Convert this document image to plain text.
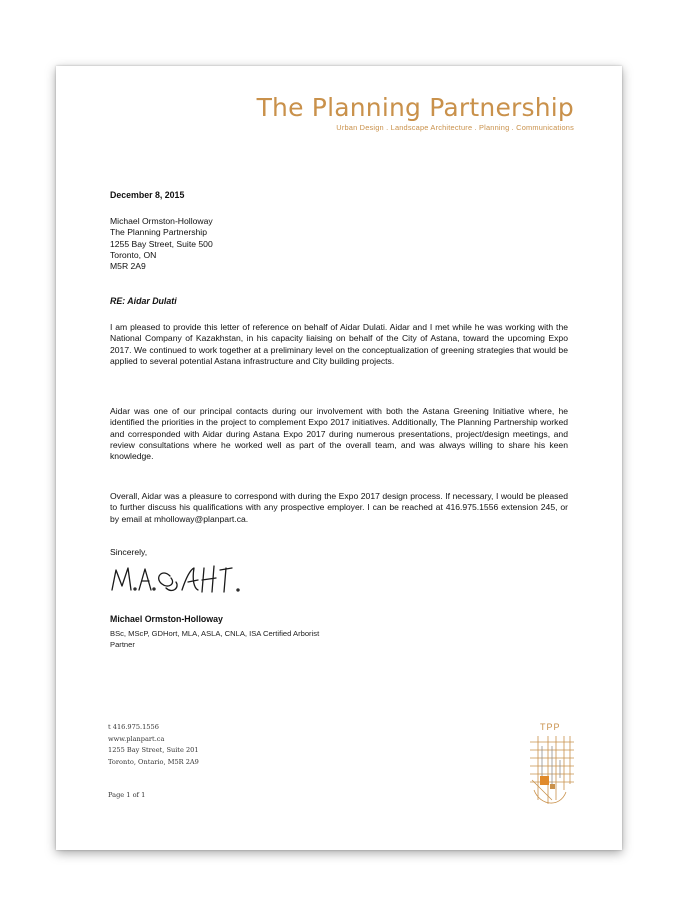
The Planning Partnership
Urban Design . Landscape Architecture . Planning . Communications
December 8, 2015
Michael Ormston-Holloway
The Planning Partnership
1255 Bay Street, Suite 500
Toronto, ON
M5R 2A9
RE: Aidar Dulati
I am pleased to provide this letter of reference on behalf of Aidar Dulati. Aidar and I met while he was working with the National Company of Kazakhstan, in his capacity liaising on behalf of the City of Astana, toward the upcoming Expo 2017. We continued to work together at a preliminary level on the conceptualization of greening strategies that would be applied to several potential Astana infrastructure and City building projects.
Aidar was one of our principal contacts during our involvement with both the Astana Greening Initiative where, he identified the priorities in the project to complement Expo 2017 initiatives. Additionally, The Planning Partnership worked and corresponded with Aidar during Astana Expo 2017 during numerous presentations, project/design meetings, and review consultations where he worked well as part of the overall team, and was always willing to share his keen knowledge.
Overall, Aidar was a pleasure to correspond with during the Expo 2017 design process. If necessary, I would be pleased to further discuss his qualifications with any prospective employer. I can be reached at 416.975.1556 extension 245, or by email at mholloway@planpart.ca.
Sincerely,
Michael Ormston-Holloway
BSc, MScP, GDHort, MLA, ASLA, CNLA, ISA Certified Arborist
Partner
t 416.975.1556
www.planpart.ca
1255 Bay Street, Suite 201
Toronto, Ontario, M5R 2A9
Page 1 of 1
TPP
